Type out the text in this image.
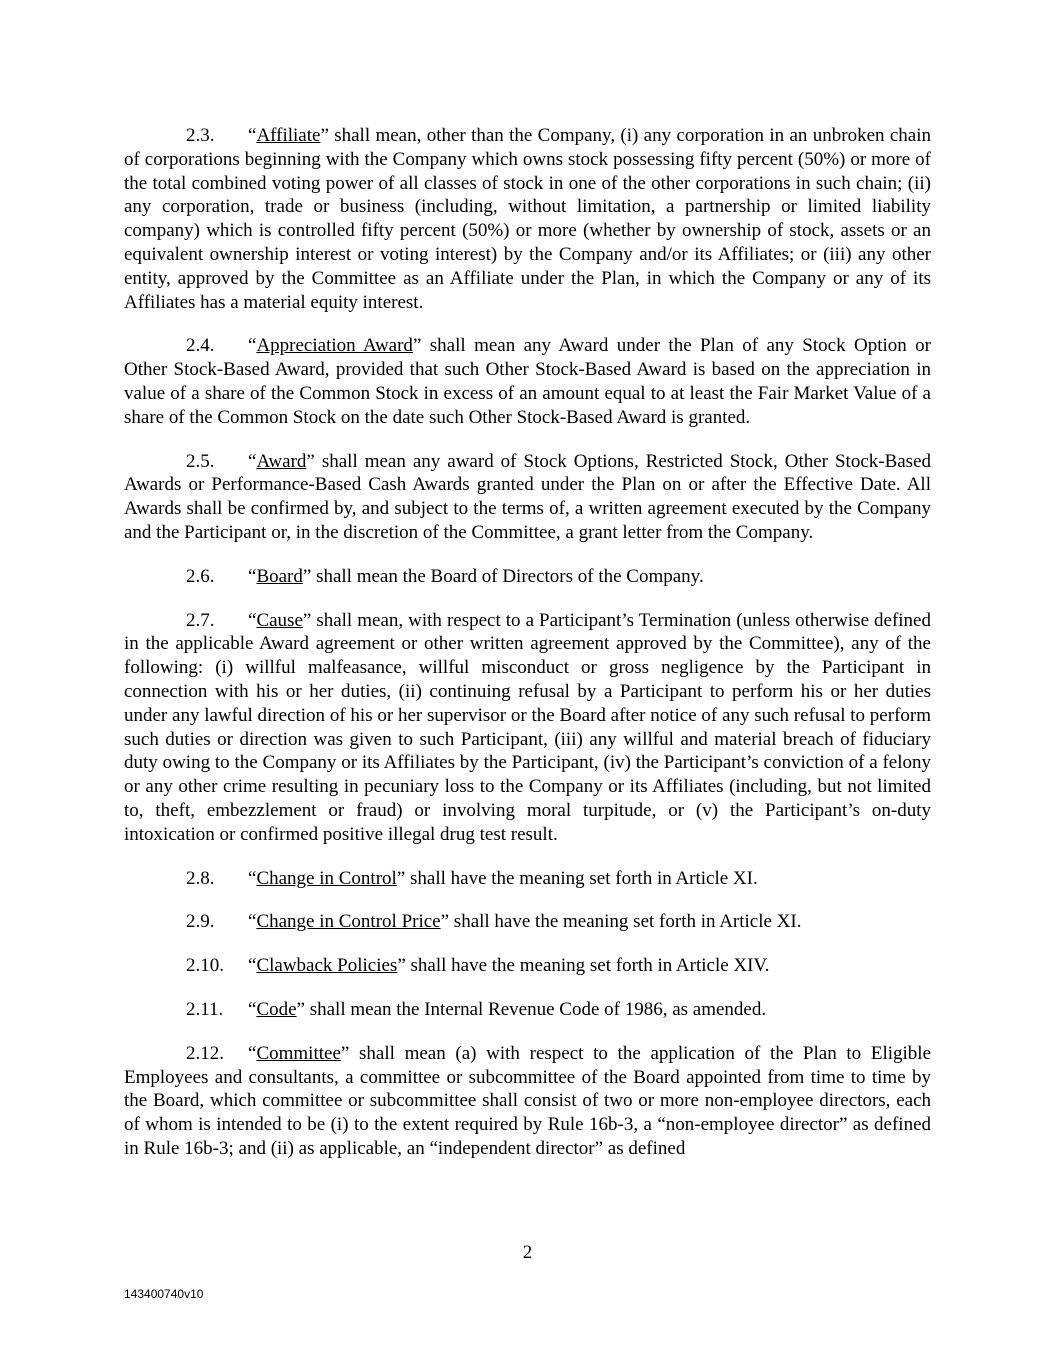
2.3. “Affiliate” shall mean, other than the Company, (i) any corporation in an unbroken chain of corporations beginning with the Company which owns stock possessing fifty percent (50%) or more of the total combined voting power of all classes of stock in one of the other corporations in such chain; (ii) any corporation, trade or business (including, without limitation, a partnership or limited liability company) which is controlled fifty percent (50%) or more (whether by ownership of stock, assets or an equivalent ownership interest or voting interest) by the Company and/or its Affiliates; or (iii) any other entity, approved by the Committee as an Affiliate under the Plan, in which the Company or any of its Affiliates has a material equity interest.

2.4. “Appreciation Award” shall mean any Award under the Plan of any Stock Option or Other Stock-Based Award, provided that such Other Stock-Based Award is based on the appreciation in value of a share of the Common Stock in excess of an amount equal to at least the Fair Market Value of a share of the Common Stock on the date such Other Stock-Based Award is granted.

2.5. “Award” shall mean any award of Stock Options, Restricted Stock, Other Stock-Based Awards or Performance-Based Cash Awards granted under the Plan on or after the Effective Date. All Awards shall be confirmed by, and subject to the terms of, a written agreement executed by the Company and the Participant or, in the discretion of the Committee, a grant letter from the Company.

2.6. “Board” shall mean the Board of Directors of the Company.

2.7. “Cause” shall mean, with respect to a Participant’s Termination (unless otherwise defined in the applicable Award agreement or other written agreement approved by the Committee), any of the following: (i) willful malfeasance, willful misconduct or gross negligence by the Participant in connection with his or her duties, (ii) continuing refusal by a Participant to perform his or her duties under any lawful direction of his or her supervisor or the Board after notice of any such refusal to perform such duties or direction was given to such Participant, (iii) any willful and material breach of fiduciary duty owing to the Company or its Affiliates by the Participant, (iv) the Participant’s conviction of a felony or any other crime resulting in pecuniary loss to the Company or its Affiliates (including, but not limited to, theft, embezzlement or fraud) or involving moral turpitude, or (v) the Participant’s on-duty intoxication or confirmed positive illegal drug test result.

2.8. “Change in Control” shall have the meaning set forth in Article XI.

2.9. “Change in Control Price” shall have the meaning set forth in Article XI.

2.10. “Clawback Policies” shall have the meaning set forth in Article XIV.

2.11. “Code” shall mean the Internal Revenue Code of 1986, as amended.

2.12. “Committee” shall mean (a) with respect to the application of the Plan to Eligible Employees and consultants, a committee or subcommittee of the Board appointed from time to time by the Board, which committee or subcommittee shall consist of two or more non-employee directors, each of whom is intended to be (i) to the extent required by Rule 16b-3, a “non-employee director” as defined in Rule 16b-3; and (ii) as applicable, an “independent director” as defined

2
143400740v10
